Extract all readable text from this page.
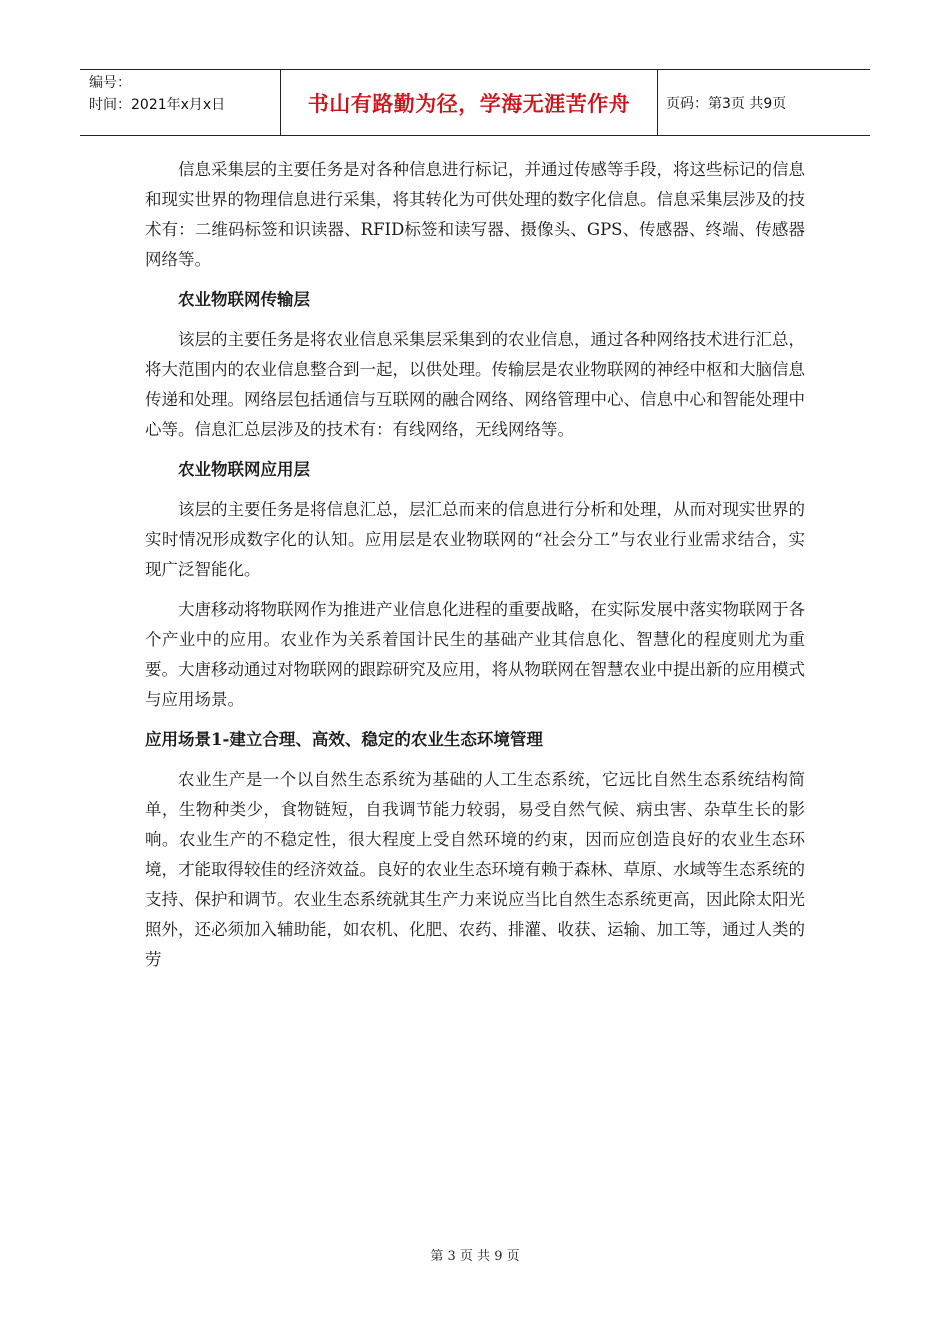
编号：
时间：2021年x月x日	书山有路勤为径，学海无涯苦作舟	页码：第3页 共9页

信息采集层的主要任务是对各种信息进行标记，并通过传感等手段，将这些标记的信息和现实世界的物理信息进行采集，将其转化为可供处理的数字化信息。信息采集层涉及的技术有：二维码标签和识读器、RFID标签和读写器、摄像头、GPS、传感器、终端、传感器网络等。

农业物联网传输层

该层的主要任务是将农业信息采集层采集到的农业信息，通过各种网络技术进行汇总，将大范围内的农业信息整合到一起，以供处理。传输层是农业物联网的神经中枢和大脑信息传递和处理。网络层包括通信与互联网的融合网络、网络管理中心、信息中心和智能处理中心等。信息汇总层涉及的技术有：有线网络，无线网络等。

农业物联网应用层

该层的主要任务是将信息汇总，层汇总而来的信息进行分析和处理，从而对现实世界的实时情况形成数字化的认知。应用层是农业物联网的“社会分工”与农业行业需求结合，实现广泛智能化。

大唐移动将物联网作为推进产业信息化进程的重要战略，在实际发展中落实物联网于各个产业中的应用。农业作为关系着国计民生的基础产业其信息化、智慧化的程度则尤为重要。大唐移动通过对物联网的跟踪研究及应用，将从物联网在智慧农业中提出新的应用模式与应用场景。

应用场景1-建立合理、高效、稳定的农业生态环境管理

农业生产是一个以自然生态系统为基础的人工生态系统，它远比自然生态系统结构简单，生物种类少，食物链短，自我调节能力较弱，易受自然气候、病虫害、杂草生长的影响。农业生产的不稳定性，很大程度上受自然环境的约束，因而应创造良好的农业生态环境，才能取得较佳的经济效益。良好的农业生态环境有赖于森林、草原、水域等生态系统的支持、保护和调节。农业生态系统就其生产力来说应当比自然生态系统更高，因此除太阳光照外，还必须加入辅助能，如农机、化肥、农药、排灌、收获、运输、加工等，通过人类的劳

第 3 页 共 9 页
